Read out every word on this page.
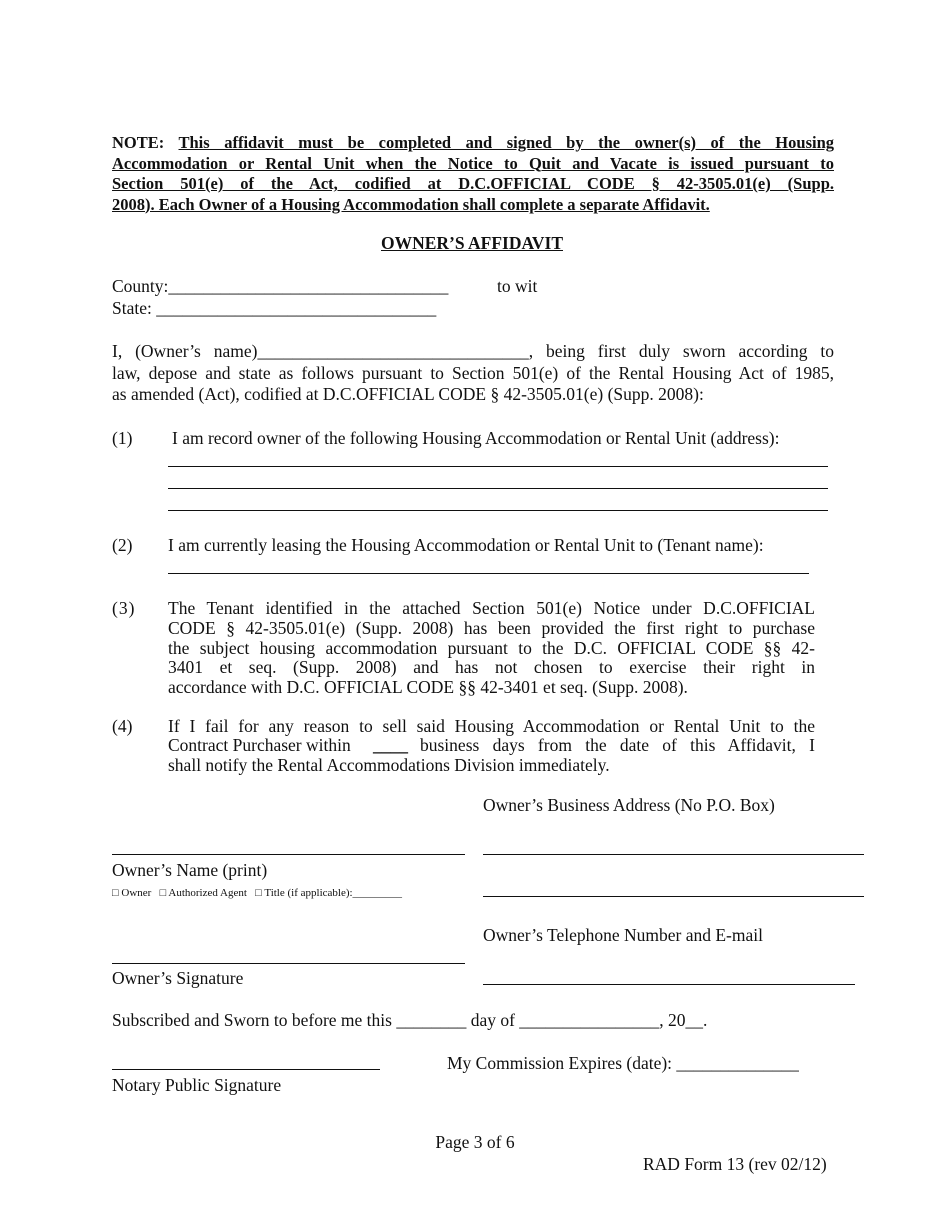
NOTE: This affidavit must be completed and signed by the owner(s) of the Housing
Accommodation or Rental Unit when the Notice to Quit and Vacate is issued pursuant to
Section 501(e) of the Act, codified at D.C.OFFICIAL CODE § 42-3505.01(e) (Supp.
2008). Each Owner of a Housing Accommodation shall complete a separate Affidavit.
OWNER’S AFFIDAVIT
County:________________________________	to wit
State: ________________________________
I, (Owner’s name)_______________________________, being first duly sworn according to
law, depose and state as follows pursuant to Section 501(e) of the Rental Housing Act of 1985,
as amended (Act), codified at D.C.OFFICIAL CODE § 42-3505.01(e) (Supp. 2008):
(1) I am record owner of the following Housing Accommodation or Rental Unit (address):
(2) I am currently leasing the Housing Accommodation or Rental Unit to (Tenant name):
(3) The Tenant identified in the attached Section 501(e) Notice under D.C.OFFICIAL
CODE § 42-3505.01(e) (Supp. 2008) has been provided the first right to purchase
the subject housing accommodation pursuant to the D.C. OFFICIAL CODE §§ 42-
3401 et seq. (Supp. 2008) and has not chosen to exercise their right in
accordance with D.C. OFFICIAL CODE §§ 42-3401 et seq. (Supp. 2008).
(4) If I fail for any reason to sell said Housing Accommodation or Rental Unit to the
Contract Purchaser within ____ business days from the date of this Affidavit, I
shall notify the Rental Accommodations Division immediately.
Owner’s Business Address (No P.O. Box)
Owner’s Name (print)
□ Owner □ Authorized Agent □ Title (if applicable):_________
Owner’s Telephone Number and E-mail
Owner’s Signature
Subscribed and Sworn to before me this ________ day of ________________, 20__.
My Commission Expires (date): ______________
Notary Public Signature
Page 3 of 6
RAD Form 13 (rev 02/12)
